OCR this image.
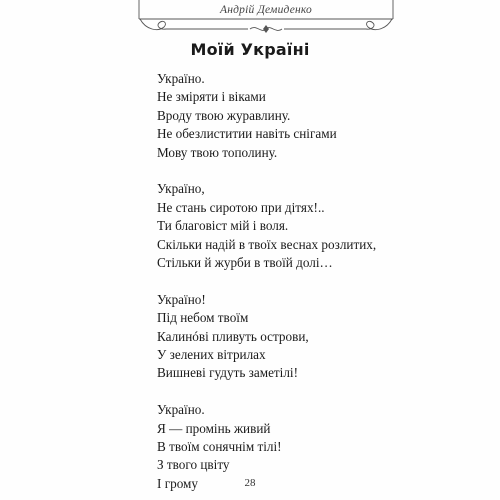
Андрій Демиденко
Моїй Україні
Україно.
Не зміряти і віками
Вроду твою журавлину.
Не обезлиститии навіть снігами
Мову твою тополину.
Україно,
Не стань сиротою при дітях!..
Ти благовіст мій і воля.
Скільки надій в твоїх веснах розлитих,
Стільки й журби в твоїй долі…
Україно!
Під небом твоїм
Калинóві пливуть острови,
У зелених вітрилах
Вишневі гудуть заметілі!
Україно.
Я — промінь живий
В твоїм сонячнім тілі!
З твого цвіту
І грому	28
